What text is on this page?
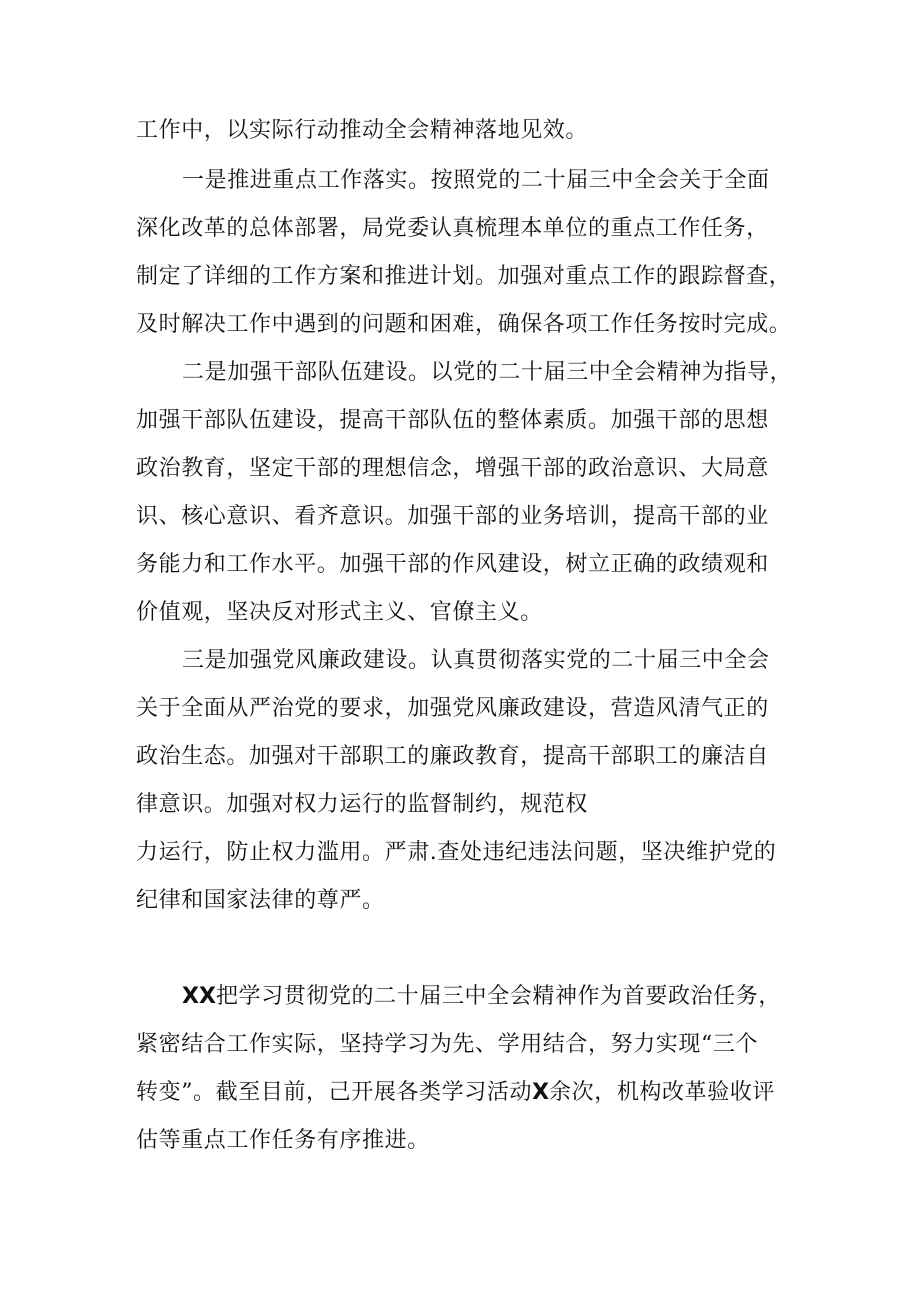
工作中，以实际行动推动全会精神落地见效。
一是推进重点工作落实。按照党的二十届三中全会关于全面
深化改革的总体部署，局党委认真梳理本单位的重点工作任务，
制定了详细的工作方案和推进计划。加强对重点工作的跟踪督查，
及时解决工作中遇到的问题和困难，确保各项工作任务按时完成。
二是加强干部队伍建设。以党的二十届三中全会精神为指导，
加强干部队伍建设，提高干部队伍的整体素质。加强干部的思想
政治教育，坚定干部的理想信念，增强干部的政治意识、大局意
识、核心意识、看齐意识。加强干部的业务培训，提高干部的业
务能力和工作水平。加强干部的作风建设，树立正确的政绩观和
价值观，坚决反对形式主义、官僚主义。
三是加强党风廉政建设。认真贯彻落实党的二十届三中全会
关于全面从严治党的要求，加强党风廉政建设，营造风清气正的
政治生态。加强对干部职工的廉政教育，提高干部职工的廉洁自
律意识。加强对权力运行的监督制约，规范权
力运行，防止权力滥用。严肃.查处违纪违法问题，坚决维护党的
纪律和国家法律的尊严。
XX把学习贯彻党的二十届三中全会精神作为首要政治任务，
紧密结合工作实际，坚持学习为先、学用结合，努力实现“三个
转变”。截至目前，己开展各类学习活动X余次，机构改革验收评
估等重点工作任务有序推进。
